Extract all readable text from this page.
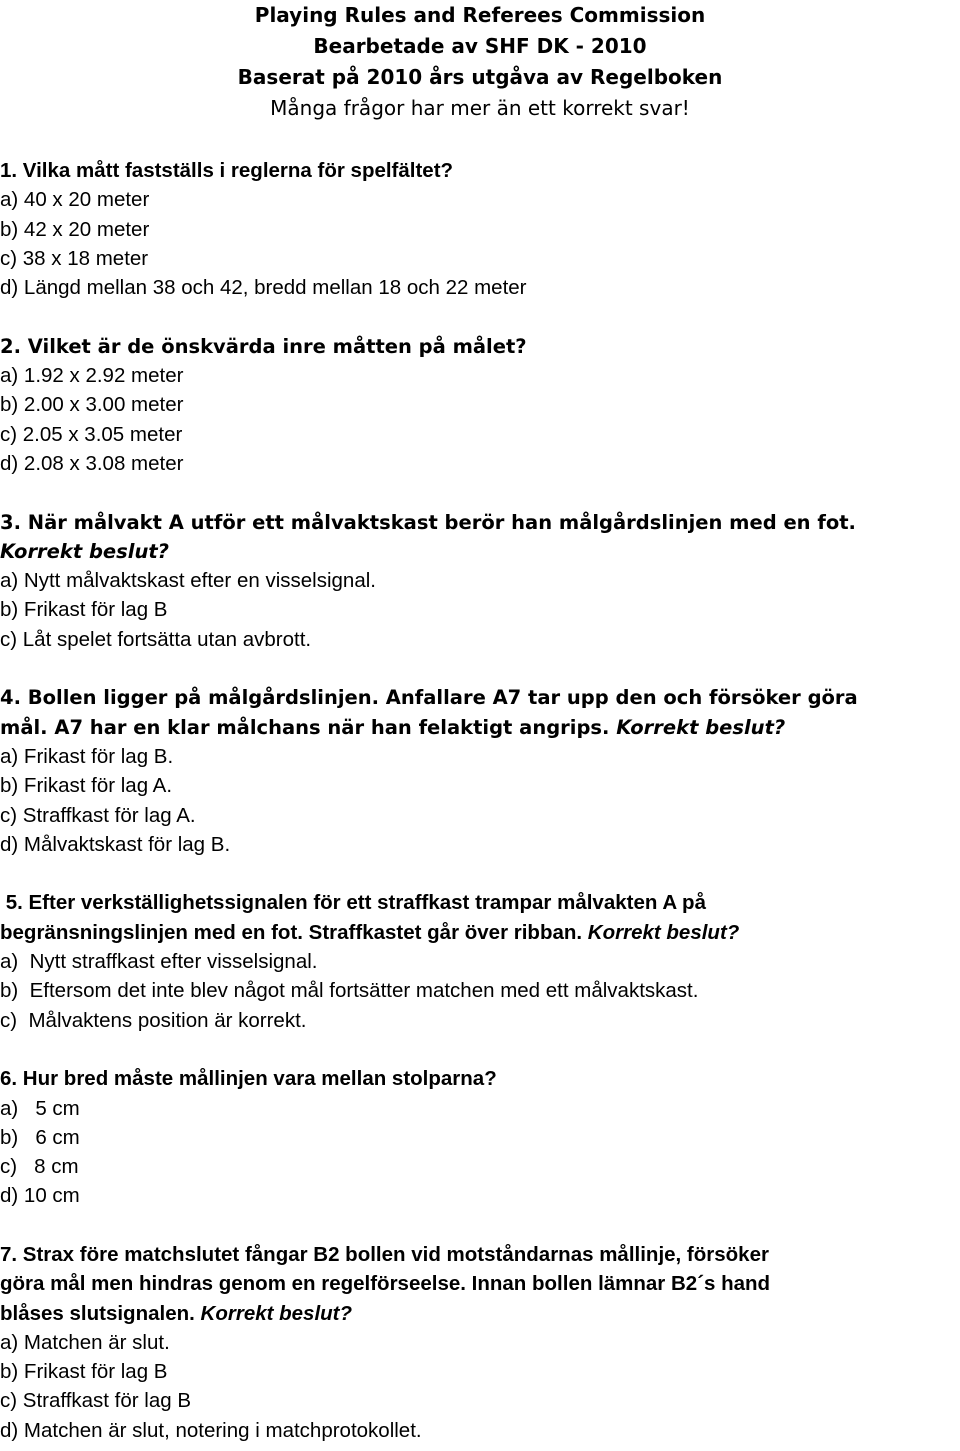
Playing Rules and Referees Commission
Bearbetade av SHF DK - 2010
Baserat på 2010 års utgåva av Regelboken
Många frågor har mer än ett korrekt svar!
1. Vilka mått fastställs i reglerna för spelfältet?
a) 40 x 20 meter
b) 42 x 20 meter
c) 38 x 18 meter
d) Längd mellan 38 och 42, bredd mellan 18 och 22 meter
2. Vilket är de önskvärda inre måtten på målet?
a) 1.92 x 2.92 meter
b) 2.00 x 3.00 meter
c) 2.05 x 3.05 meter
d) 2.08 x 3.08 meter
3. När målvakt A utför ett målvaktskast berör han målgårdslinjen med en fot.
Korrekt beslut?
a) Nytt målvaktskast efter en visselsignal.
b) Frikast för lag B
c) Låt spelet fortsätta utan avbrott.
4. Bollen ligger på målgårdslinjen. Anfallare A7 tar upp den och försöker göra
mål. A7 har en klar målchans när han felaktigt angrips. Korrekt beslut?
a) Frikast för lag B.
b) Frikast för lag A.
c) Straffkast för lag A.
d) Målvaktskast för lag B.
5. Efter verkställighetssignalen för ett straffkast trampar målvakten A på
begränsningslinjen med en fot. Straffkastet går över ribban. Korrekt beslut?
a)  Nytt straffkast efter visselsignal.
b)  Eftersom det inte blev något mål fortsätter matchen med ett målvaktskast.
c)  Målvaktens position är korrekt.
6. Hur bred måste mållinjen vara mellan stolparna?
a)   5 cm
b)   6 cm
c)   8 cm
d) 10 cm
7. Strax före matchslutet fångar B2 bollen vid motståndarnas mållinje, försöker
göra mål men hindras genom en regelförseelse. Innan bollen lämnar B2´s hand
blåses slutsignalen. Korrekt beslut?
a) Matchen är slut.
b) Frikast för lag B
c) Straffkast för lag B
d) Matchen är slut, notering i matchprotokollet.
